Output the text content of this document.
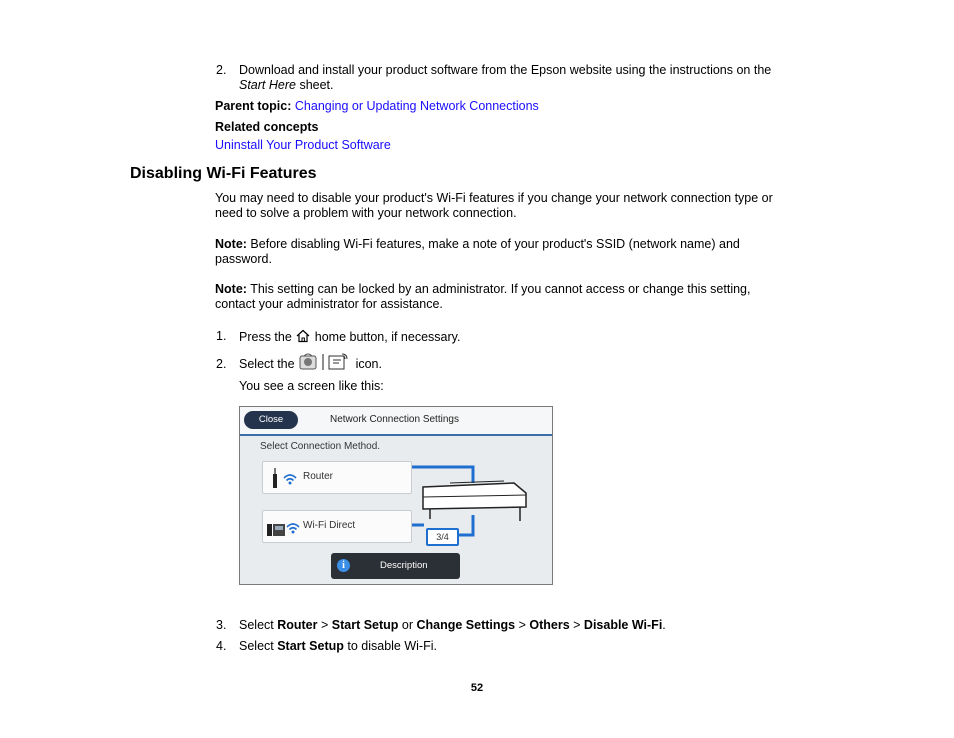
2.	Download and install your product software from the Epson website using the instructions on the
Start Here sheet.
Parent topic: Changing or Updating Network Connections
Related concepts
Uninstall Your Product Software
Disabling Wi-Fi Features
You may need to disable your product's Wi-Fi features if you change your network connection type or
need to solve a problem with your network connection.
Note: Before disabling Wi-Fi features, make a note of your product's SSID (network name) and
password.
Note: This setting can be locked by an administrator. If you cannot access or change this setting,
contact your administrator for assistance.
1.	Press the  home button, if necessary.
2.	Select the	icon.
You see a screen like this:
Close	Network Connection Settings
Select Connection Method.
Router
Wi-Fi Direct
3/4
i	Description
3.	Select Router > Start Setup or Change Settings > Others > Disable Wi-Fi.
4.	Select Start Setup to disable Wi-Fi.
52
